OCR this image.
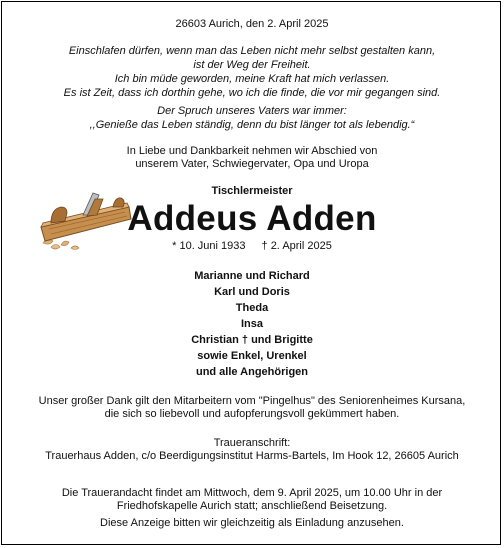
26603 Aurich, den 2. April 2025
Einschlafen dürfen, wenn man das Leben nicht mehr selbst gestalten kann,
ist der Weg der Freiheit.
Ich bin müde geworden, meine Kraft hat mich verlassen.
Es ist Zeit, dass ich dorthin gehe, wo ich die finde, die vor mir gegangen sind.
Der Spruch unseres Vaters war immer:
,,Genieße das Leben ständig, denn du bist länger tot als lebendig.“
In Liebe und Dankbarkeit nehmen wir Abschied von
unserem Vater, Schwiegervater, Opa und Uropa
Tischlermeister
Addeus Adden
* 10. Juni 1933 † 2. April 2025
Marianne und Richard
Karl und Doris
Theda
Insa
Christian † und Brigitte
sowie Enkel, Urenkel
und alle Angehörigen
Unser großer Dank gilt den Mitarbeitern vom "Pingelhus" des Seniorenheimes Kursana,
die sich so liebevoll und aufopferungsvoll gekümmert haben.
Traueranschrift:
Trauerhaus Adden, c/o Beerdigungsinstitut Harms-Bartels, Im Hook 12, 26605 Aurich
Die Trauerandacht findet am Mittwoch, dem 9. April 2025, um 10.00 Uhr in der
Friedhofskapelle Aurich statt; anschließend Beisetzung.
Diese Anzeige bitten wir gleichzeitig als Einladung anzusehen.
